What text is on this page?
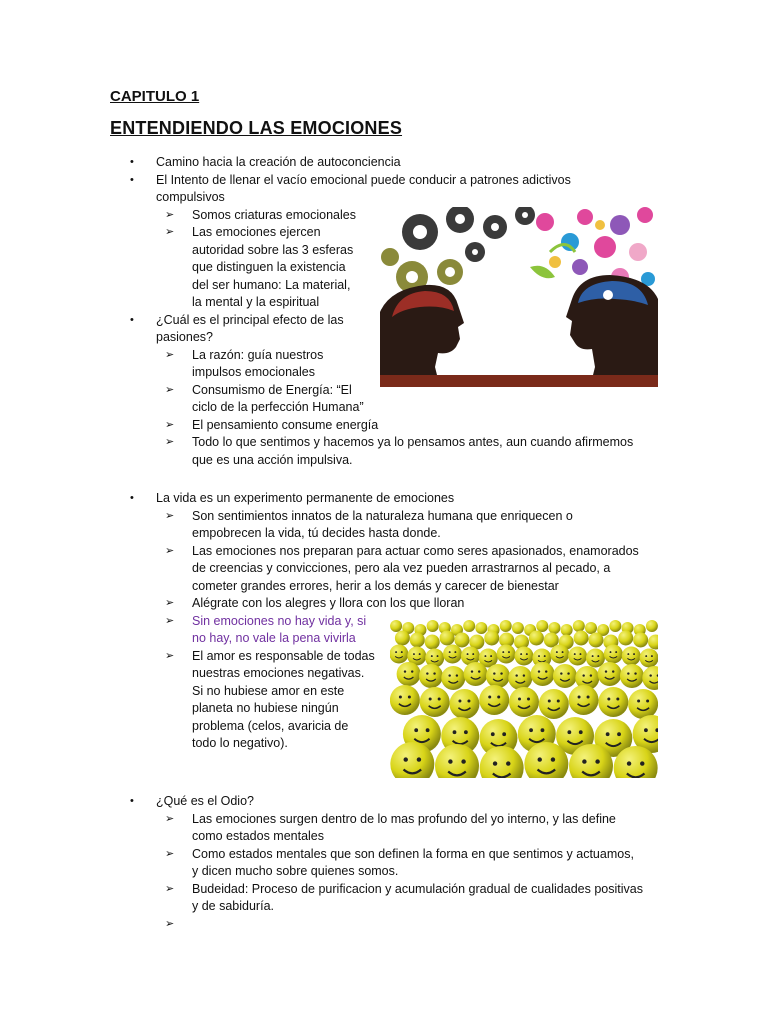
CAPITULO 1
ENTENDIENDO LAS EMOCIONES
• Camino hacia la creación de autoconciencia
• El Intento de llenar el vacío emocional puede conducir a patrones adictivos
compulsivos
➢ Somos criaturas emocionales
➢ Las emociones ejercen
autoridad sobre las 3 esferas
que distinguen la existencia
del ser humano: La material,
la mental y la espiritual
• ¿Cuál es el principal efecto de las
pasiones?
➢ La razón: guía nuestros
impulsos emocionales
➢ Consumismo de Energía: “El
ciclo de la perfección Humana”
➢ El pensamiento consume energía
➢ Todo lo que sentimos y hacemos ya lo pensamos antes, aun cuando afirmemos
que es una acción impulsiva.
• La vida es un experimento permanente de emociones
➢ Son sentimientos innatos de la naturaleza humana que enriquecen o
empobrecen la vida, tú decides hasta donde.
➢ Las emociones nos preparan para actuar como seres apasionados, enamorados
de creencias y convicciones, pero ala vez pueden arrastrarnos al pecado, a
cometer grandes errores, herir a los demás y carecer de bienestar
➢ Alégrate con los alegres y llora con los que lloran
➢ Sin emociones no hay vida y, si
no hay, no vale la pena vivirla
➢ El amor es responsable de todas
nuestras emociones negativas.
Si no hubiese amor en este
planeta no hubiese ningún
problema (celos, avaricia de
todo lo negativo).
• ¿Qué es el Odio?
➢ Las emociones surgen dentro de lo mas profundo del yo interno, y las define
como estados mentales
➢ Como estados mentales que son definen la forma en que sentimos y actuamos,
y dicen mucho sobre quienes somos.
➢ Budeidad: Proceso de purificacion y acumulación gradual de cualidades positivas
y de sabiduría.
➢
